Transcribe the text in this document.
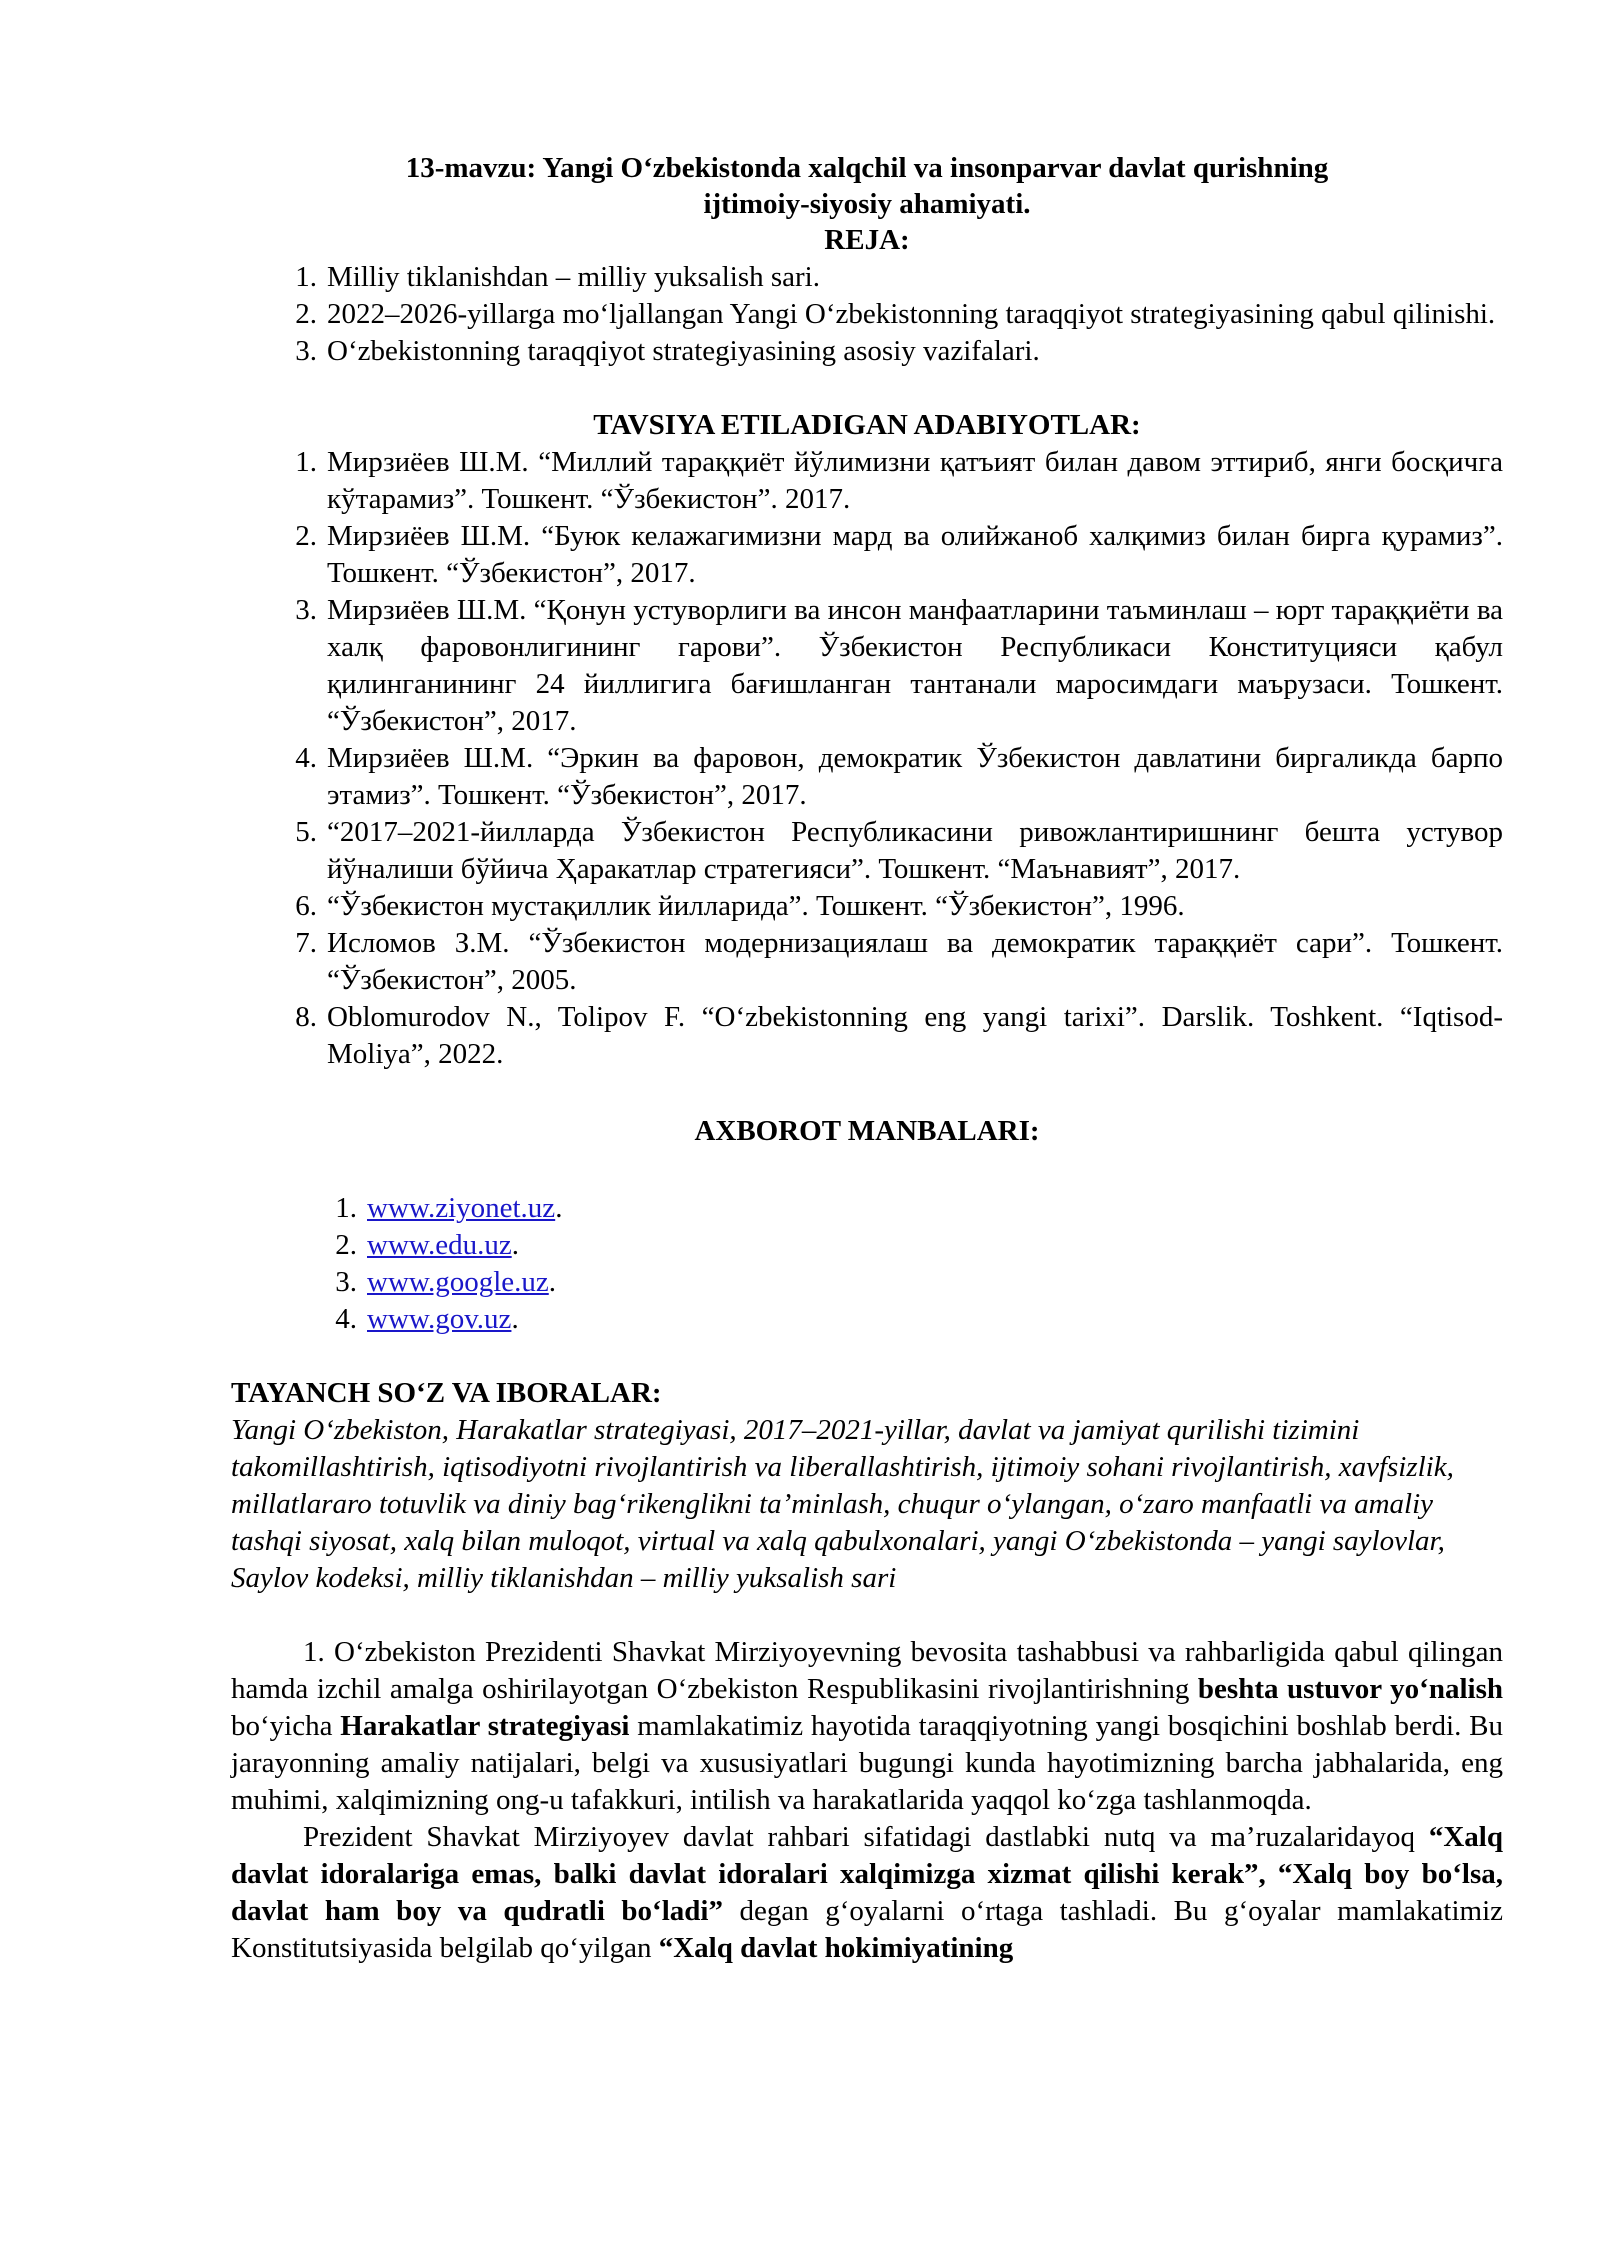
13-mavzu: Yangi O‘zbekistonda xalqchil va insonparvar davlat qurishning
ijtimoiy-siyosiy ahamiyati.

REJA:

1. Milliy tiklanishdan – milliy yuksalish sari.
2. 2022–2026-yillarga mo‘ljallangan Yangi O‘zbekistonning taraqqiyot strategiyasining qabul qilinishi.
3. O‘zbekistonning taraqqiyot strategiyasining asosiy vazifalari.

TAVSIYA ETILADIGAN ADABIYOTLAR:

1. Мирзиёев Ш.М. “Миллий тараққиёт йўлимизни қатъият билан давом эттириб, янги босқичга кўтарамиз”. Тошкент. “Ўзбекистон”. 2017.
2. Мирзиёев Ш.М. “Буюк келажагимизни мард ва олийжаноб халқимиз билан бирга қурамиз”. Тошкент. “Ўзбекистон”, 2017.
3. Мирзиёев Ш.М. “Қонун устуворлиги ва инсон манфаатларини таъминлаш – юрт тараққиёти ва халқ фаровонлигининг гарови”. Ўзбекистон Республикаси Конституцияси қабул қилинганининг 24 йиллигига бағишланган тантанали маросимдаги маърузаси. Тошкент. “Ўзбекистон”, 2017.
4. Мирзиёев Ш.М. “Эркин ва фаровон, демократик Ўзбекистон давлатини биргаликда барпо этамиз”. Тошкент. “Ўзбекистон”, 2017.
5. “2017–2021-йилларда Ўзбекистон Республикасини ривожлантиришнинг бешта устувор йўналиши бўйича Ҳаракатлар стратегияси”. Тошкент. “Маънавият”, 2017.
6. “Ўзбекистон мустақиллик йилларида”. Тошкент. “Ўзбекистон”, 1996.
7. Исломов З.М. “Ўзбекистон модернизациялаш ва демократик тараққиёт сари”. Тошкент. “Ўзбекистон”, 2005.
8. Oblomurodov N., Tolipov F. “O‘zbekistonning eng yangi tarixi”. Darslik. Toshkent. “Iqtisod-Moliya”, 2022.

AXBOROT MANBALARI:

1. www.ziyonet.uz.
2. www.edu.uz.
3. www.google.uz.
4. www.gov.uz.

TAYANCH SO‘Z VA IBORALAR:

Yangi O‘zbekiston, Harakatlar strategiyasi, 2017–2021-yillar, davlat va jamiyat qurilishi tizimini takomillashtirish, iqtisodiyotni rivojlantirish va liberallashtirish, ijtimoiy sohani rivojlantirish, xavfsizlik, millatlararo totuvlik va diniy bag‘rikenglikni ta’minlash, chuqur o‘ylangan, o‘zaro manfaatli va amaliy tashqi siyosat, xalq bilan muloqot, virtual va xalq qabulxonalari, yangi O‘zbekistonda – yangi saylovlar, Saylov kodeksi, milliy tiklanishdan – milliy yuksalish sari

1. O‘zbekiston Prezidenti Shavkat Mirziyoyevning bevosita tashabbusi va rahbarligida qabul qilingan hamda izchil amalga oshirilayotgan O‘zbekiston Respublikasini rivojlantirishning beshta ustuvor yo‘nalish bo‘yicha Harakatlar strategiyasi mamlakatimiz hayotida taraqqiyotning yangi bosqichini boshlab berdi. Bu jarayonning amaliy natijalari, belgi va xususiyatlari bugungi kunda hayotimizning barcha jabhalarida, eng muhimi, xalqimizning ong-u tafakkuri, intilish va harakatlarida yaqqol ko‘zga tashlanmoqda.

Prezident Shavkat Mirziyoyev davlat rahbari sifatidagi dastlabki nutq va ma’ruzalaridayoq “Xalq davlat idoralariga emas, balki davlat idoralari xalqimizga xizmat qilishi kerak”, “Xalq boy bo‘lsa, davlat ham boy va qudratli bo‘ladi” degan g‘oyalarni o‘rtaga tashladi. Bu g‘oyalar mamlakatimiz Konstitutsiyasida belgilab qo‘yilgan “Xalq davlat hokimiyatining
